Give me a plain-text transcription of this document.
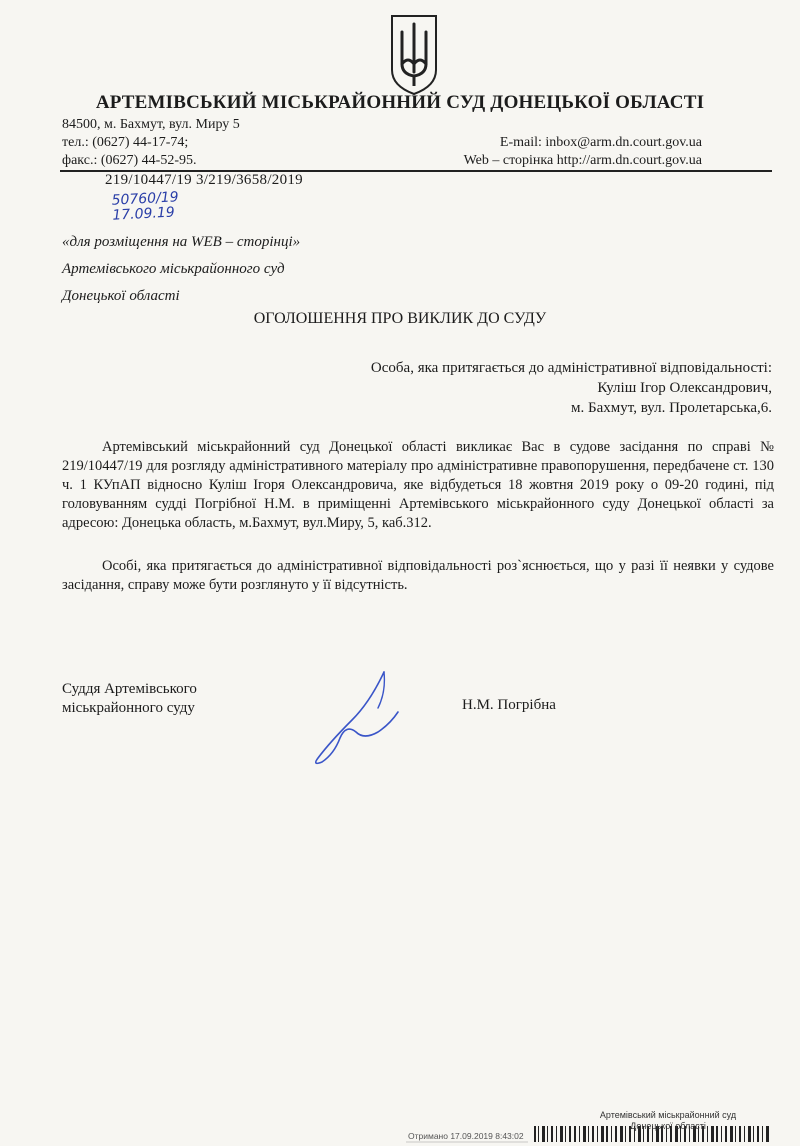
АРТЕМІВСЬКИЙ МІСЬКРАЙОННИЙ СУД ДОНЕЦЬКОЇ ОБЛАСТІ
84500, м. Бахмут, вул. Миру 5
тел.: (0627) 44-17-74;
факс.: (0627) 44-52-95.
E-mail: inbox@arm.dn.court.gov.ua
Web – сторінка http://arm.dn.court.gov.ua
219/10447/19 3/219/3658/2019
50760/19
17.09.19
«для розміщення на WEB – сторінці»
Артемівського міськрайонного суд
Донецької області
ОГОЛОШЕННЯ ПРО ВИКЛИК ДО СУДУ
Особа, яка притягається до адміністративної відповідальності:
Куліш Ігор Олександрович,
м. Бахмут, вул. Пролетарська,6.
Артемівський міськрайонний суд Донецької області викликає Вас в судове засідання по справі № 219/10447/19 для розгляду адміністративного матеріалу про адміністративне правопорушення, передбачене ст. 130 ч. 1 КУпАП відносно Куліш Ігоря Олександровича, яке відбудеться 18 жовтня 2019 року о 09-20 годині, під головуванням судді Погрібної Н.М. в приміщенні Артемівського міськрайонного суду Донецької області за адресою: Донецька область, м.Бахмут, вул.Миру, 5, каб.312.
Особі, яка притягається до адміністративної відповідальності роз`яснюється, що у разі її неявки у судове засідання, справу може бути розглянуто у її відсутність.
Суддя Артемівського
міськрайонного суду	Н.М. Погрібна
Артемівський міськрайонний суд
Донецької області
Отримано 17.09.2019 8:43:02
